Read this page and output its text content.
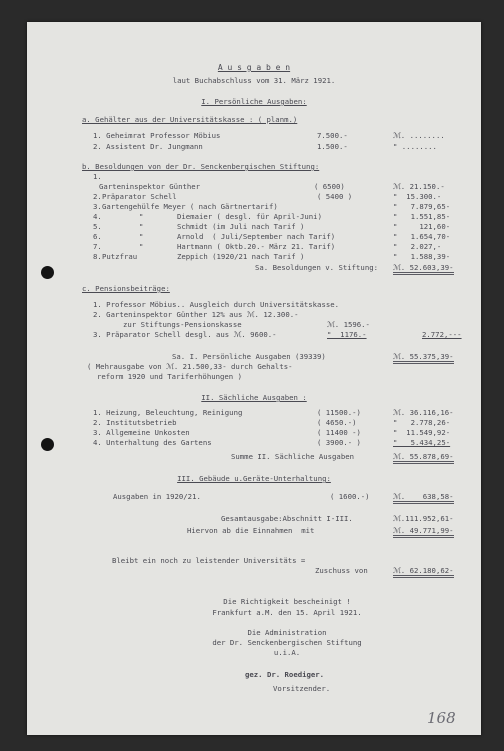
A u s g a b e n
laut Buchabschluss vom 31. März 1921.
I. Persönliche Ausgaben:
a. Gehälter aus der Universitätskasse : ( planm.)
1. Geheimrat Professor Möbius	7.500.-	ℳ. ........
2. Assistent Dr. Jungmann	1.500.-	" ........
b. Besoldungen von der Dr. Senckenbergischen Stiftung:
1.
Garteninspektor Günther	( 6500)	ℳ. 21.150.-
2. Präparator Schell	( 5400 )	"  15.300.-
3. Gartengehülfe Meyer ( nach Gärtnertarif)	"   7.879,65-
4.	"	Diemaier ( desgl. für April-Juni)	"   1.551,85-
5.	"	Schmidt (im Juli nach Tarif )	"     121,60-
6.	"	Arnold  ( Juli/September nach Tarif)	"   1.654,70-
7.	"	Hartmann ( Oktb.20.- März 21. Tarif)	"   2.027,-
8. Putzfrau	Zeppich (1920/21 nach Tarif )	"   1.588,39-
Sa. Besoldungen v. Stiftung: ℳ. 52.603,39-
c. Pensionsbeiträge:
1. Professor Möbius.. Ausgleich durch Universitätskasse.
2. Garteninspektor Günther 12% aus ℳ. 12.300.-
zur Stiftungs-Pensionskasse	ℳ. 1596.-
3. Präparator Schell desgl. aus ℳ. 9600.-	"  1176.-	2.772,---
Sa. I. Persönliche Ausgaben (39339)	ℳ. 55.375,39-
( Mehrausgabe von ℳ. 21.500,33- durch Gehalts-
reform 1920 und Tariferhöhungen )
II. Sächliche Ausgaben :
1. Heizung, Beleuchtung, Reinigung	( 11500.-)	ℳ. 36.116,16-
2. Institutsbetrieb	( 4650.-)	"   2.778,26-
3. Allgemeine Unkosten	( 11400 -)	"  11.549,92-
4. Unterhaltung des Gartens	( 3900.- )	"   5.434,25-
Summe II. Sächliche Ausgaben	ℳ. 55.878,69-
III. Gebäude u.Geräte-Unterhaltung:
Ausgaben in 1920/21.	( 1600.-)	ℳ.    638,58-
Gesamtausgabe:Abschnitt I-III.	ℳ.111.952,61-
Hiervon ab die Einnahmen  mit	ℳ. 49.771,99-
Bleibt ein noch zu leistender Universitäts =
Zuschuss von	ℳ. 62.180,62-
Die Richtigkeit bescheinigt !
Frankfurt a.M. den 15. April 1921.
Die Administration
der Dr. Senckenbergischen Stiftung
u.i.A.
gez. Dr. Roediger.
Vorsitzender.
168
